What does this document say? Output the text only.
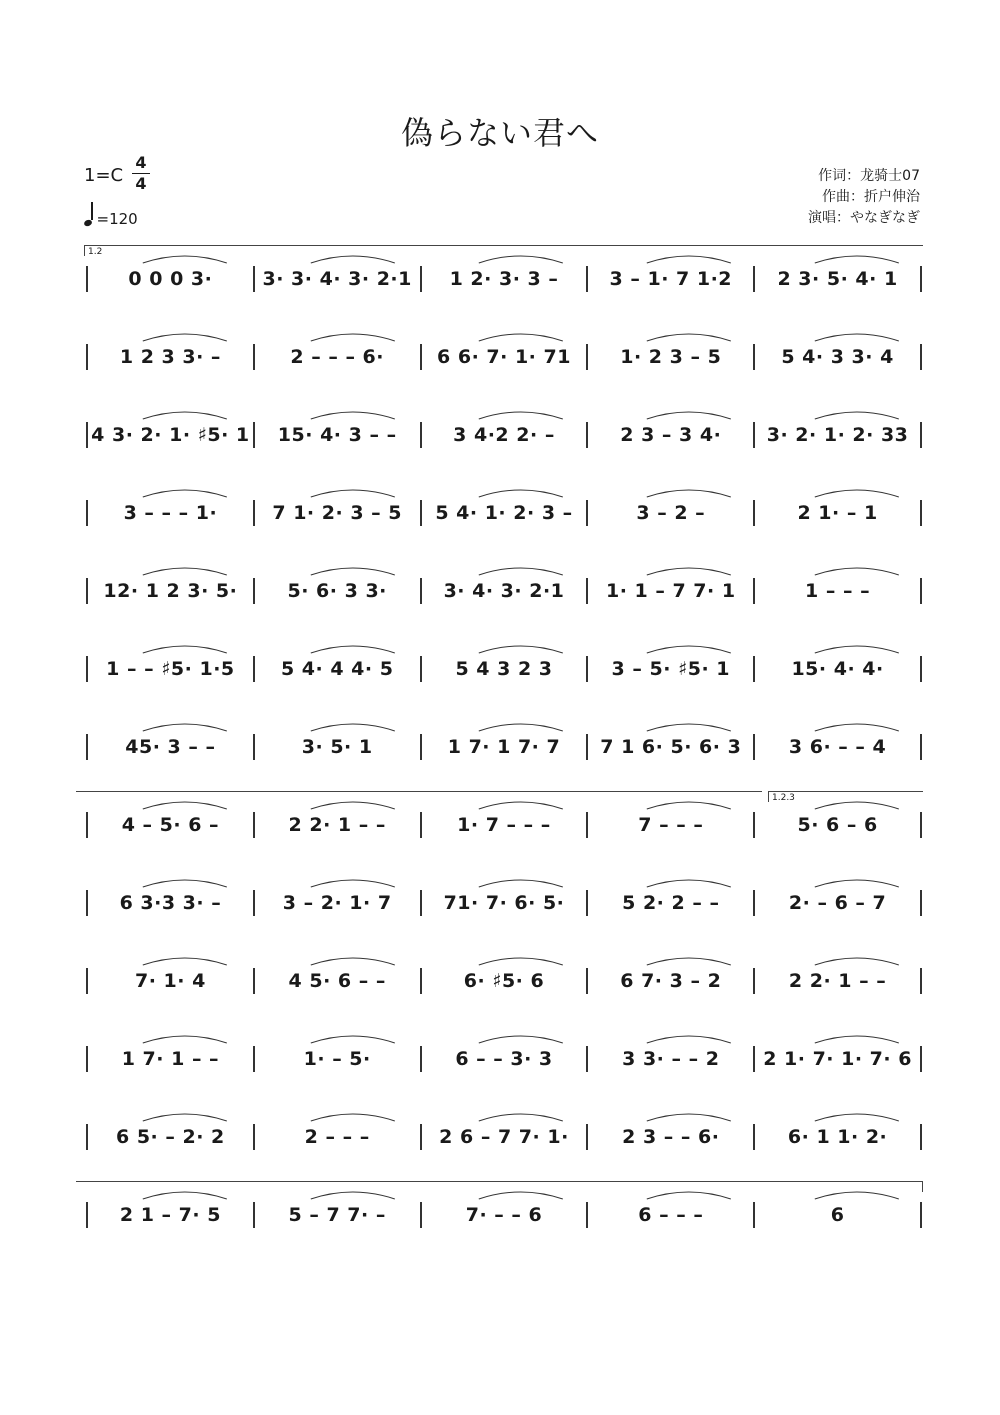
偽らない君へ
1=C
4
4
=120
作词：龙骑士07
作曲：折户伸治
演唱：やなぎなぎ
1.2
0 0 0 3·	3· 3· 4· 3· 2·1	1 2· 3· 3 –	3 – 1· 7 1·2	2 3· 5· 4· 1
1 2 3 3· –	2 – – – 6·	6 6· 7· 1· 71	1· 2 3 – 5	5 4· 3 3· 4
4 3· 2· 1· ♯5· 1	15· 4· 3 – –	3 4·2 2· –	2 3 – 3 4·	3· 2· 1· 2· 33
3 – – – 1·	7 1· 2· 3 – 5	5 4· 1· 2· 3 –	3 – 2 –	2 1· – 1
12· 1 2 3· 5·	5· 6· 3 3·	3· 4· 3· 2·1	1· 1 – 7 7· 1	1 – – –
1 – – ♯5· 1·5	5 4· 4 4· 5	5 4 3 2 3	3 – 5· ♯5· 1	15· 4· 4·
45· 3 – –	3· 5· 1	1 7· 1 7· 7	7 1 6· 5· 6· 3	3 6· – – 4
1.2.3
4 – 5· 6 –	2 2· 1 – –	1· 7 – – –	7 – – –	5· 6 – 6
6 3·3 3· –	3 – 2· 1· 7	71· 7· 6· 5·	5 2· 2 – –	2· – 6 – 7
7· 1· 4	4 5· 6 – –	6· ♯5· 6	6 7· 3 – 2	2 2· 1 – –
1 7· 1 – –	1· – 5·	6 – – 3· 3	3 3· – – 2	2 1· 7· 1· 7· 6
6 5· – 2· 2	2 – – –	2 6 – 7 7· 1·	2 3 – – 6·	6· 1 1· 2·
2 1 – 7· 5	5 – 7 7· –	7· – – 6	6 – – –	6
